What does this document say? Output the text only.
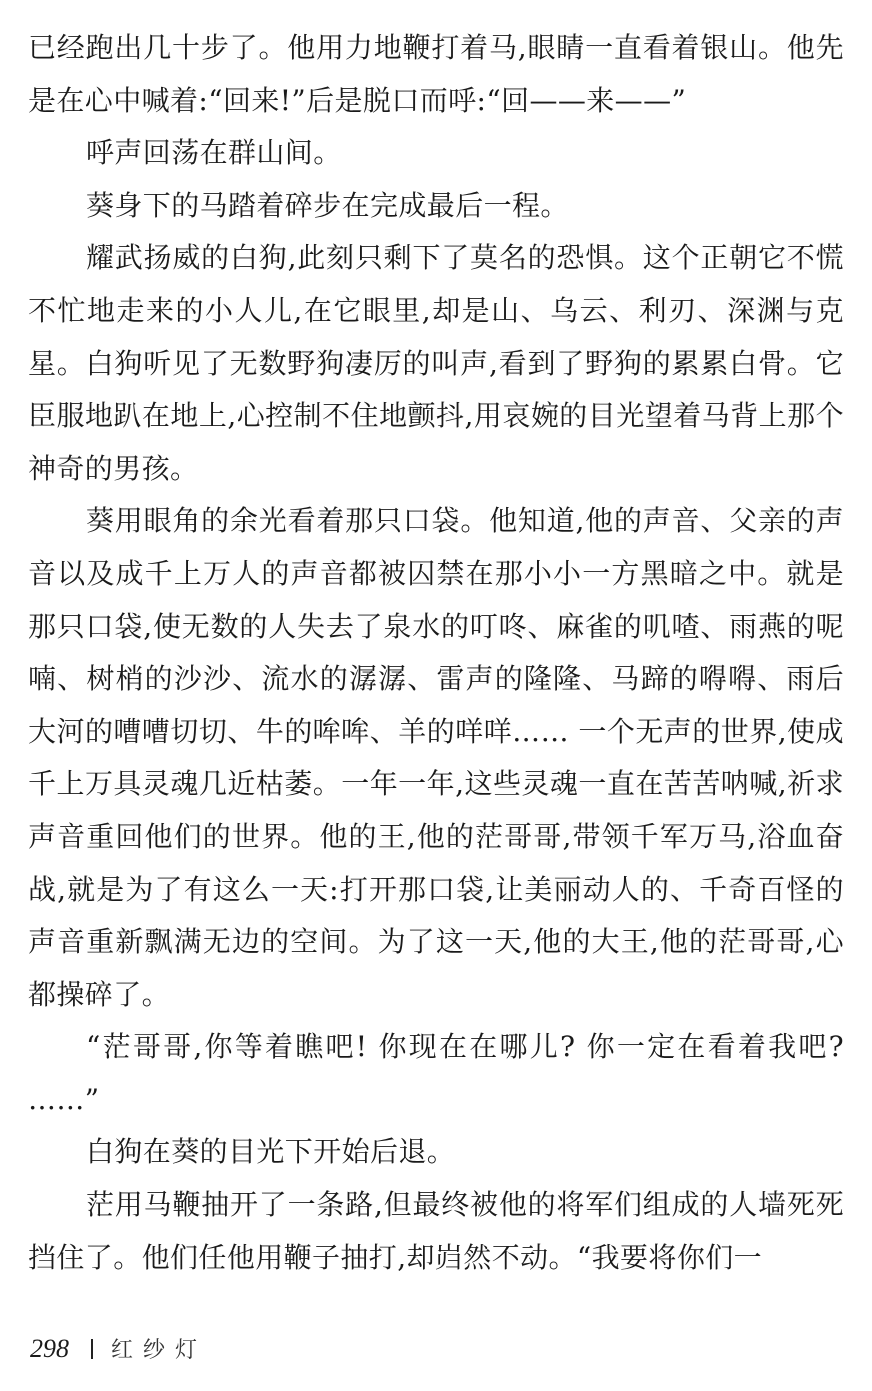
已经跑出几十步了。他用力地鞭打着马,眼睛一直看着银山。他先是在心中喊着:“回来!”后是脱口而呼:“回——来——”

呼声回荡在群山间。

葵身下的马踏着碎步在完成最后一程。

耀武扬威的白狗,此刻只剩下了莫名的恐惧。这个正朝它不慌不忙地走来的小人儿,在它眼里,却是山、乌云、利刃、深渊与克星。白狗听见了无数野狗凄厉的叫声,看到了野狗的累累白骨。它臣服地趴在地上,心控制不住地颤抖,用哀婉的目光望着马背上那个神奇的男孩。

葵用眼角的余光看着那只口袋。他知道,他的声音、父亲的声音以及成千上万人的声音都被囚禁在那小小一方黑暗之中。就是那只口袋,使无数的人失去了泉水的叮咚、麻雀的叽喳、雨燕的呢喃、树梢的沙沙、流水的潺潺、雷声的隆隆、马蹄的嘚嘚、雨后大河的嘈嘈切切、牛的哞哞、羊的咩咩…… 一个无声的世界,使成千上万具灵魂几近枯萎。一年一年,这些灵魂一直在苦苦呐喊,祈求声音重回他们的世界。他的王,他的茫哥哥,带领千军万马,浴血奋战,就是为了有这么一天:打开那口袋,让美丽动人的、千奇百怪的声音重新飘满无边的空间。为了这一天,他的大王,他的茫哥哥,心都操碎了。

“茫哥哥,你等着瞧吧! 你现在在哪儿? 你一定在看着我吧? ……”

白狗在葵的目光下开始后退。

茫用马鞭抽开了一条路,但最终被他的将军们组成的人墙死死挡住了。他们任他用鞭子抽打,却岿然不动。“我要将你们一

298 红纱灯
